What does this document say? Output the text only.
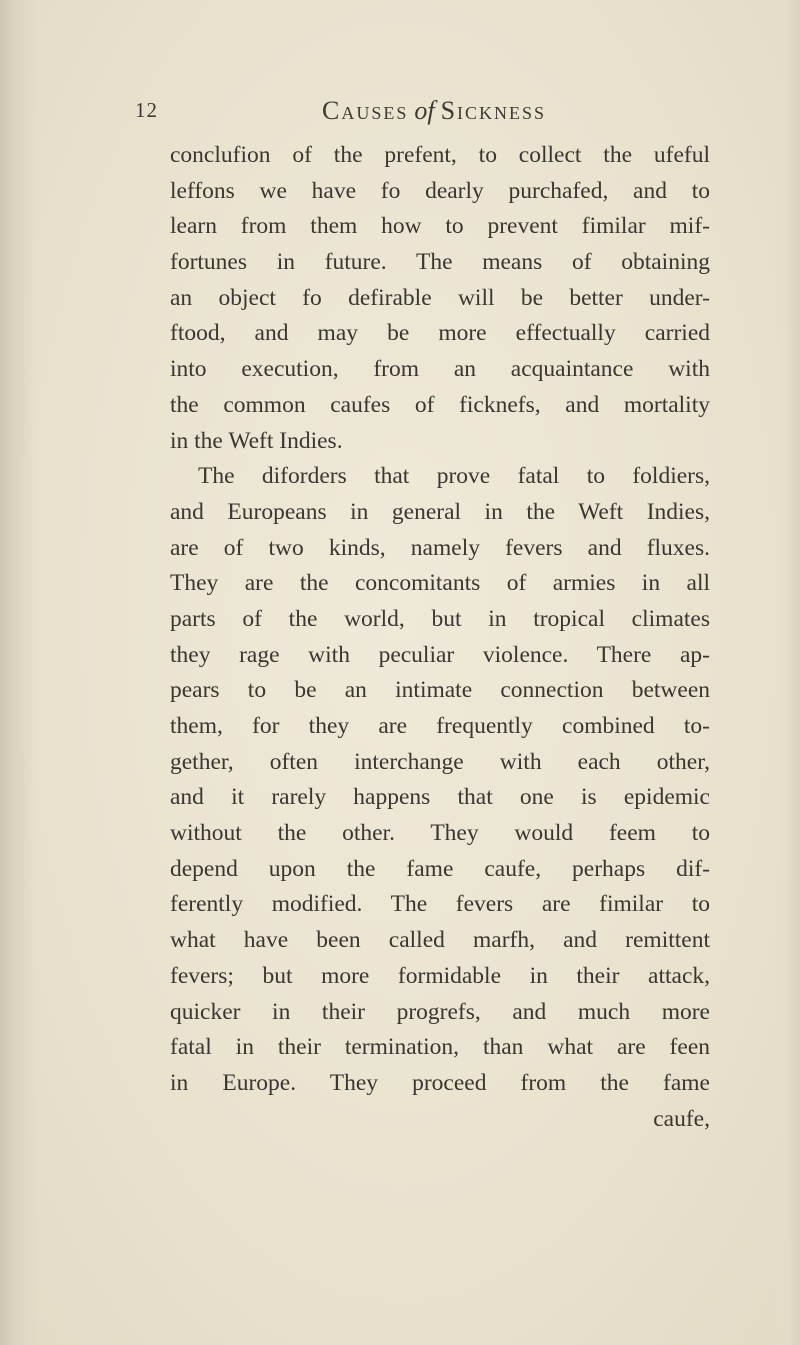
12	Causes of Sickness
conclufion of the prefent, to collect the ufeful
leffons we have fo dearly purchafed, and to
learn from them how to prevent fimilar mif-
fortunes in future. The means of obtaining
an object fo defirable will be better under-
ftood, and may be more effectually carried
into execution, from an acquaintance with
the common caufes of ficknefs, and mortality
in the Weft Indies.
The diforders that prove fatal to foldiers,
and Europeans in general in the Weft Indies,
are of two kinds, namely fevers and fluxes.
They are the concomitants of armies in all
parts of the world, but in tropical climates
they rage with peculiar violence. There ap-
pears to be an intimate connection between
them, for they are frequently combined to-
gether, often interchange with each other,
and it rarely happens that one is epidemic
without the other. They would feem to
depend upon the fame caufe, perhaps dif-
ferently modified. The fevers are fimilar to
what have been called marfh, and remittent
fevers; but more formidable in their attack,
quicker in their progrefs, and much more
fatal in their termination, than what are feen
in Europe. They proceed from the fame
caufe,
